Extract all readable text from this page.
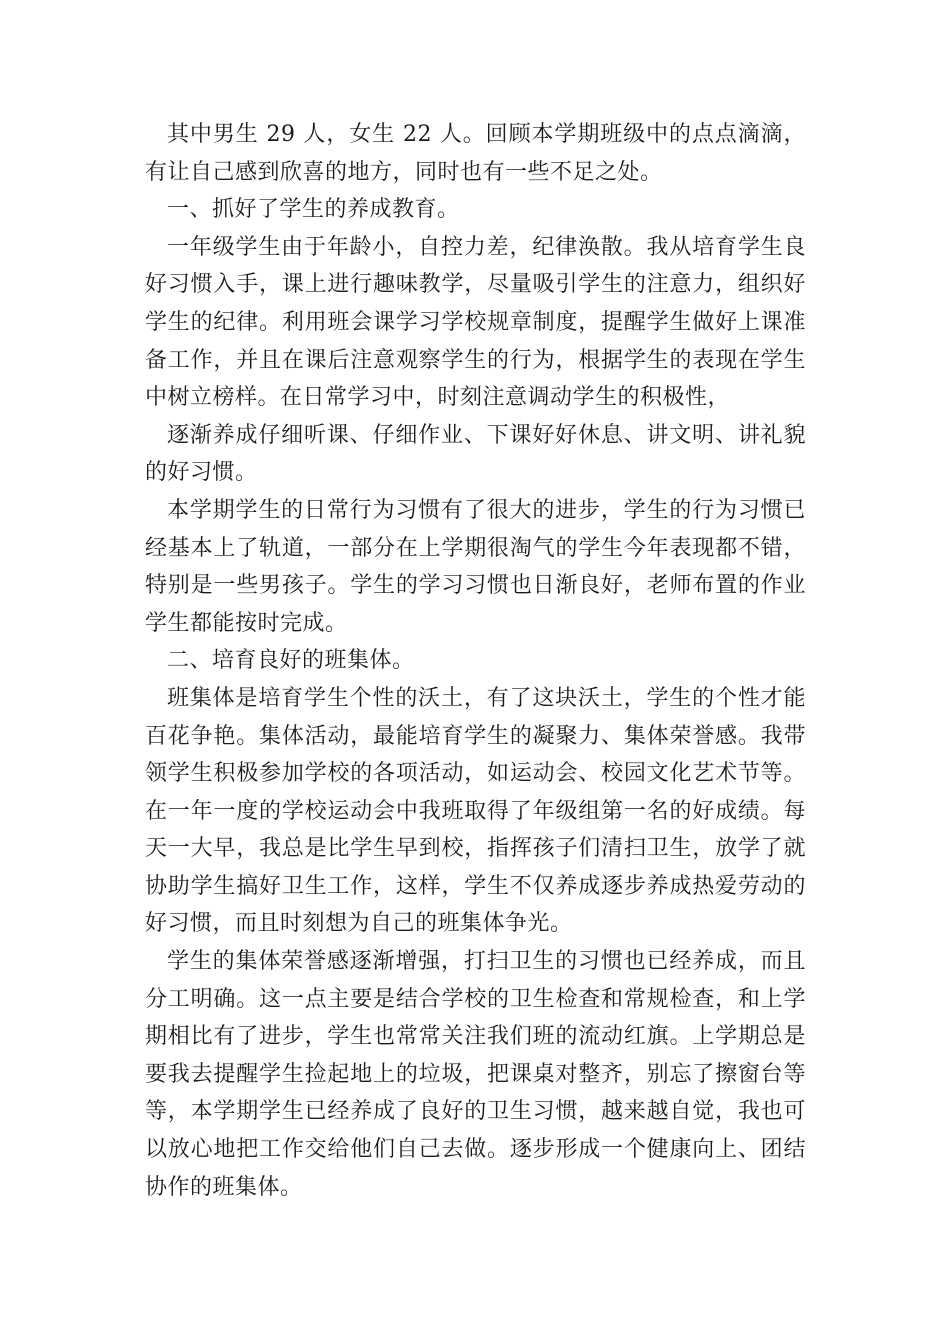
其中男生 29 人，女生 22 人。回顾本学期班级中的点点滴滴，有让自己感到欣喜的地方，同时也有一些不足之处。

一、抓好了学生的养成教育。

一年级学生由于年龄小，自控力差，纪律涣散。我从培育学生良好习惯入手，课上进行趣味教学，尽量吸引学生的注意力，组织好学生的纪律。利用班会课学习学校规章制度，提醒学生做好上课准备工作，并且在课后注意观察学生的行为，根据学生的表现在学生中树立榜样。在日常学习中，时刻注意调动学生的积极性，

逐渐养成仔细听课、仔细作业、下课好好休息、讲文明、讲礼貌的好习惯。

本学期学生的日常行为习惯有了很大的进步，学生的行为习惯已经基本上了轨道，一部分在上学期很淘气的学生今年表现都不错，特别是一些男孩子。学生的学习习惯也日渐良好，老师布置的作业学生都能按时完成。

二、培育良好的班集体。

班集体是培育学生个性的沃土，有了这块沃土，学生的个性才能百花争艳。集体活动，最能培育学生的凝聚力、集体荣誉感。我带领学生积极参加学校的各项活动，如运动会、校园文化艺术节等。在一年一度的学校运动会中我班取得了年级组第一名的好成绩。每天一大早，我总是比学生早到校，指挥孩子们清扫卫生，放学了就协助学生搞好卫生工作，这样，学生不仅养成逐步养成热爱劳动的好习惯，而且时刻想为自己的班集体争光。

学生的集体荣誉感逐渐增强，打扫卫生的习惯也已经养成，而且分工明确。这一点主要是结合学校的卫生检查和常规检查，和上学期相比有了进步，学生也常常关注我们班的流动红旗。上学期总是要我去提醒学生捡起地上的垃圾，把课桌对整齐，别忘了擦窗台等等，本学期学生已经养成了良好的卫生习惯，越来越自觉，我也可以放心地把工作交给他们自己去做。逐步形成一个健康向上、团结协作的班集体。
